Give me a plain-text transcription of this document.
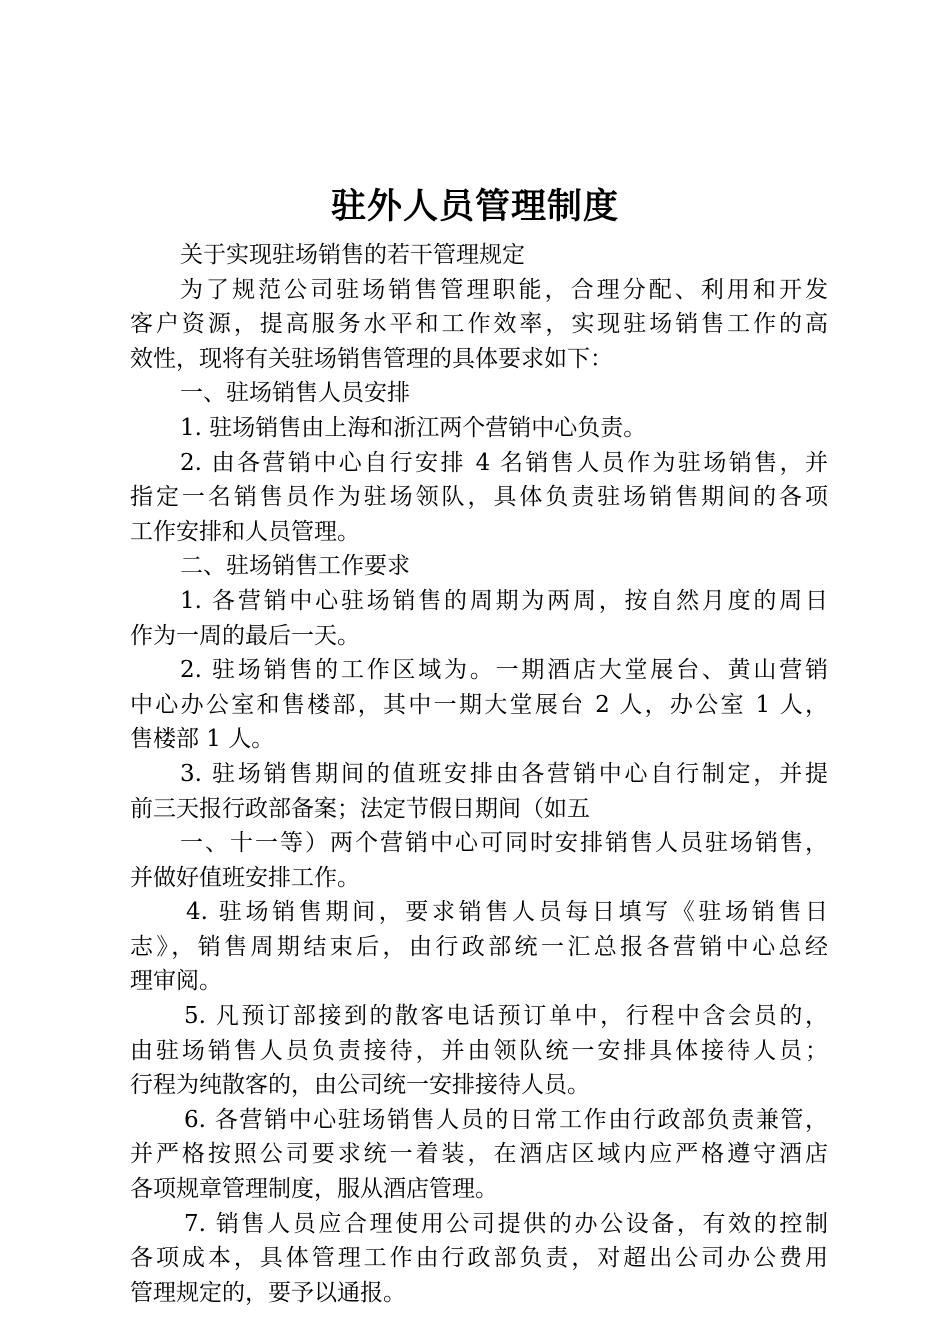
驻外人员管理制度
关于实现驻场销售的若干管理规定
为了规范公司驻场销售管理职能，合理分配、利用和开发
客户资源，提高服务水平和工作效率，实现驻场销售工作的高
效性，现将有关驻场销售管理的具体要求如下：
一、驻场销售人员安排
1. 驻场销售由上海和浙江两个营销中心负责。
2. 由各营销中心自行安排 4 名销售人员作为驻场销售，并
指定一名销售员作为驻场领队，具体负责驻场销售期间的各项
工作安排和人员管理。
二、驻场销售工作要求
1. 各营销中心驻场销售的周期为两周，按自然月度的周日
作为一周的最后一天。
2. 驻场销售的工作区域为。一期酒店大堂展台、黄山营销
中心办公室和售楼部，其中一期大堂展台 2 人，办公室 1 人，
售楼部 1 人。
3. 驻场销售期间的值班安排由各营销中心自行制定，并提
前三天报行政部备案；法定节假日期间（如五
一、十一等）两个营销中心可同时安排销售人员驻场销售，
并做好值班安排工作。
4. 驻场销售期间，要求销售人员每日填写《驻场销售日
志》，销售周期结束后，由行政部统一汇总报各营销中心总经
理审阅。
5. 凡预订部接到的散客电话预订单中，行程中含会员的，
由驻场销售人员负责接待，并由领队统一安排具体接待人员；
行程为纯散客的，由公司统一安排接待人员。
6. 各营销中心驻场销售人员的日常工作由行政部负责兼管，
并严格按照公司要求统一着装，在酒店区域内应严格遵守酒店
各项规章管理制度，服从酒店管理。
7. 销售人员应合理使用公司提供的办公设备，有效的控制
各项成本，具体管理工作由行政部负责，对超出公司办公费用
管理规定的，要予以通报。
